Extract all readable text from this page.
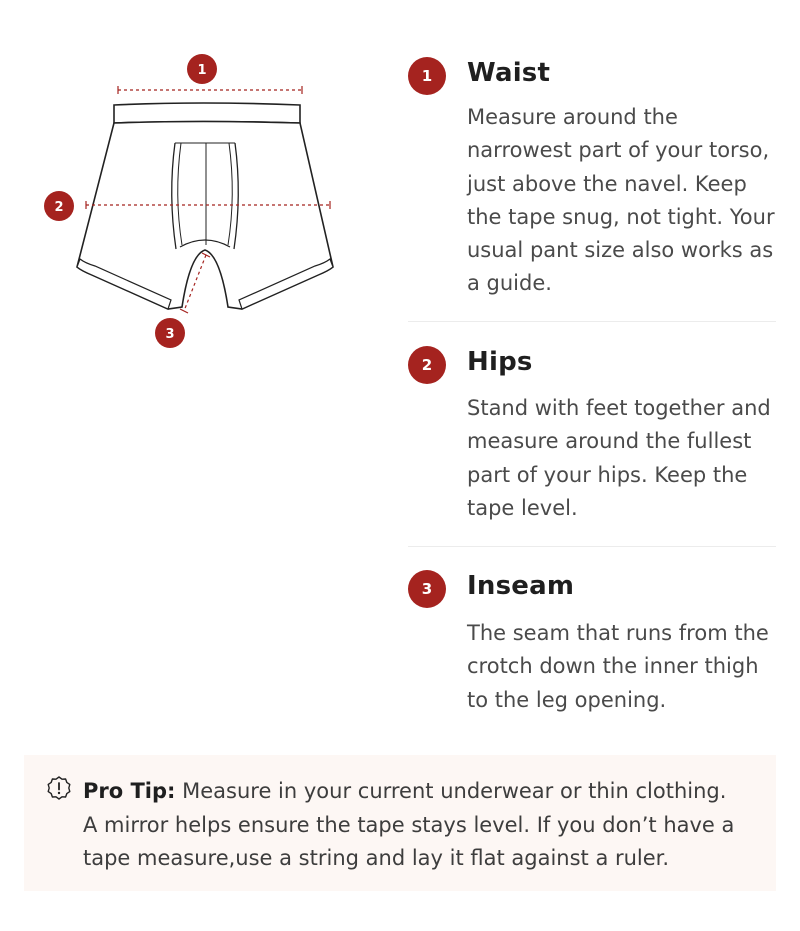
1
2
3
1	Waist

Measure around the narrowest part of your torso, just above the navel. Keep the tape snug, not tight. Your usual pant size also works as a guide.

2	Hips

Stand with feet together and measure around the fullest part of your hips. Keep the tape level.

3	Inseam

The seam that runs from the crotch down the inner thigh to the leg opening.

Pro Tip: Measure in your current underwear or thin clothing. A mirror helps ensure the tape stays level. If you don’t have a tape measure,use a string and lay it flat against a ruler.
